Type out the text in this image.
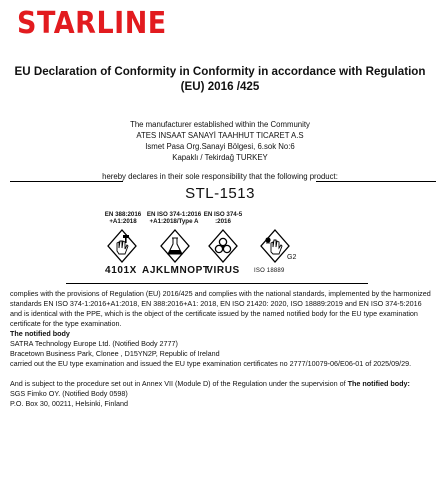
STARLINE
EU Declaration of Conformity in Conformity in accordance with Regulation
(EU) 2016 /425
The manufacturer established within the Community
ATES INSAAT SANAYİ TAAHHUT TICARET A.S
Ismet Pasa Org.Sanayi Bölgesi, 6.sok No:6
Kapaklı / Tekirdağ TURKEY
hereby declares in their sole responsibility that the following product:
STL-1513
EN 388:2016
+A1:2018
EN ISO 374-1:2016
+A1:2018/Type A
EN ISO 374-5
:2016
G2
4101X AJKLMNOPT
VIRUS	ISO 18889

complies with the provisions of Regulation (EU) 2016/425 and complies with the national standards, implemented by the harmonized standards EN ISO 374-1:2016+A1:2018, EN 388:2016+A1: 2018, EN ISO 21420: 2020, ISO 18889:2019 and EN ISO 374-5:2016 and is identical with the PPE, which is the object of the certificate issued by the named notified body for the EU type examination certificate for the type examination.

The notified body

SATRA Technology Europe Ltd. (Notified Body 2777)

Bracetown Business Park, Clonee , D15YN2P, Republic of Ireland

carried out the EU type examination and issued the EU type examination certificates no 2777/10079-06/E06-01 of 2025/09/29.

And is subject to the procedure set out in Annex VII (Module D) of the Regulation under the supervision of The notified body:

SGS Fimko OY. (Notified Body 0598)

P.O. Box 30, 00211, Helsinki, Finland
